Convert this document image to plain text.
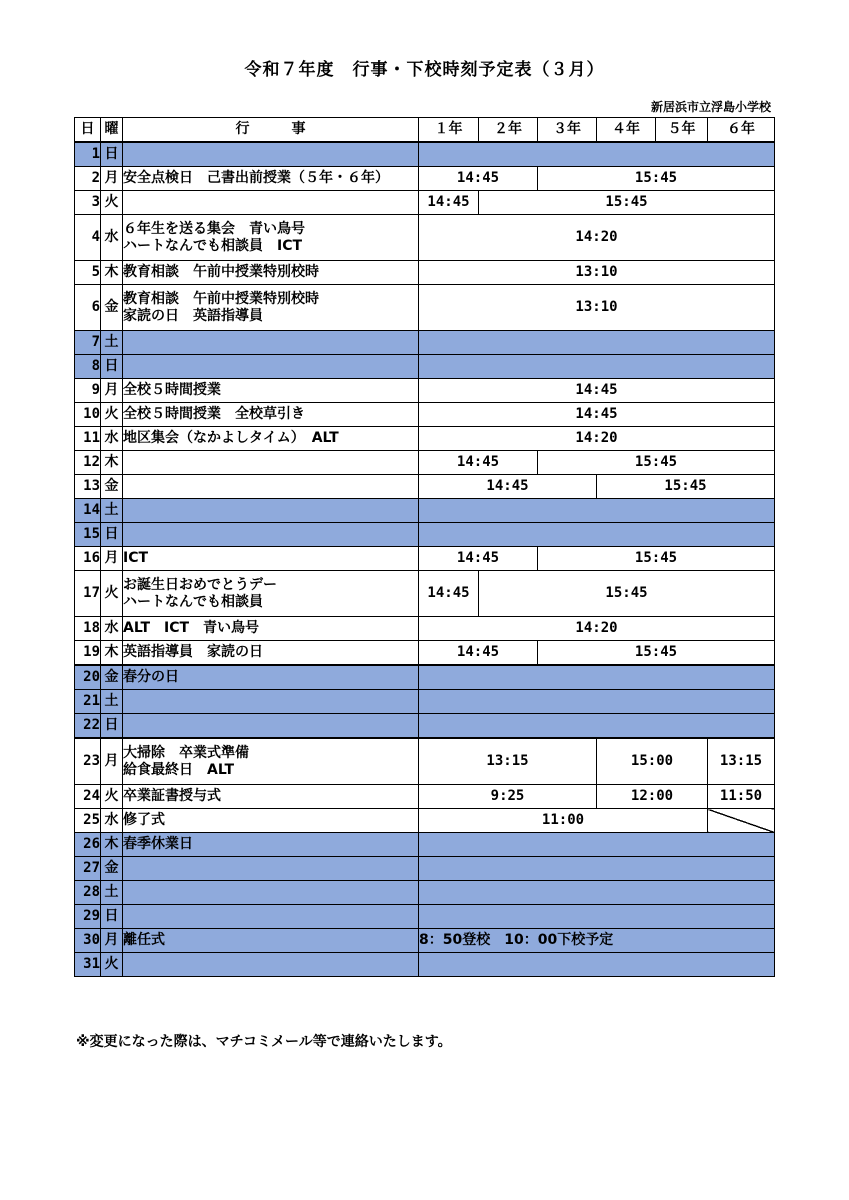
令和７年度　行事・下校時刻予定表（３月）
新居浜市立浮島小学校
日	曜	行　　　事	１年	２年	３年	４年	５年	６年
1	日							
2	月	安全点検日　己書出前授業（５年・６年）	14:45		15:45			
3	火		14:45	15:45				
4	水	６年生を送る集会　青い鳥号
ハートなんでも相談員　ICT	14:20					
5	木	教育相談　午前中授業特別校時	13:10					
6	金	教育相談　午前中授業特別校時
家読の日　英語指導員	13:10					
7	土							
8	日							
9	月	全校５時間授業	14:45					
10	火	全校５時間授業　全校草引き	14:45					
11	水	地区集会（なかよしタイム）　ALT	14:20					
12	木		14:45		15:45			
13	金		14:45			15:45		
14	土							
15	日							
16	月	ICT	14:45		15:45			
17	火	お誕生日おめでとうデー
ハートなんでも相談員	14:45	15:45				
18	水	ALT　ICT　青い鳥号	14:20					
19	木	英語指導員　家読の日	14:45		15:45			
20	金	春分の日						

21	土							
22	日							
23	月	大掃除　卒業式準備
給食最終日　ALT	13:15			15:00		13:15
24	火	卒業証書授与式	9:25			12:00		11:50
25	水	修了式	11:00					
26	木	春季休業日						

27	金							
28	土							
29	日							
30	月	離任式	8：50登校　10：00下校予定					
31	火							
※変更になった際は、マチコミメール等で連絡いたします。
